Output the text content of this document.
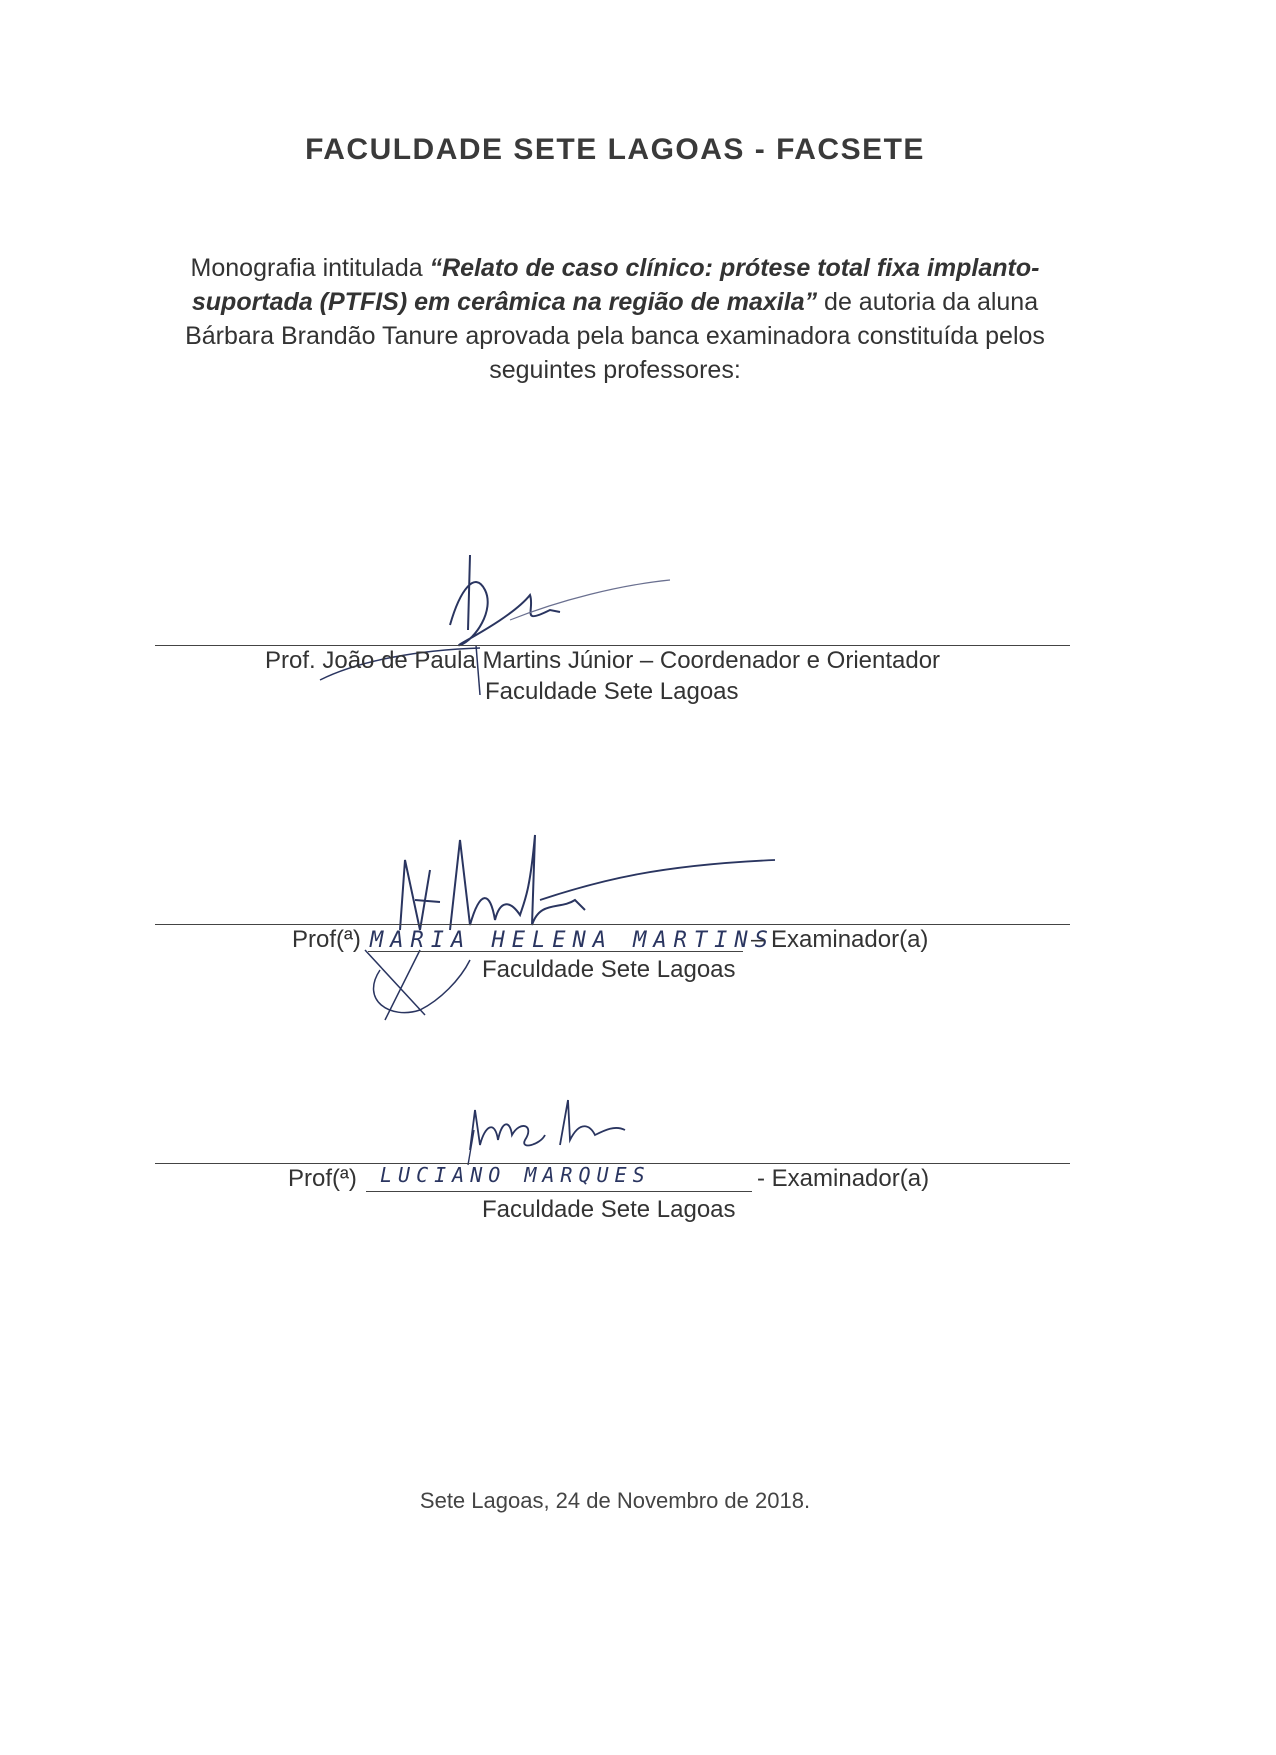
FACULDADE SETE LAGOAS - FACSETE
Monografia intitulada “Relato de caso clínico: prótese total fixa implanto-suportada (PTFIS) em cerâmica na região de maxila” de autoria da aluna Bárbara Brandão Tanure aprovada pela banca examinadora constituída pelos seguintes professores:
Prof. João de Paula Martins Júnior – Coordenador e Orientador
Faculdade Sete Lagoas
Prof(ª) MARIA HELENA MARTINS
– Examinador(a)
Faculdade Sete Lagoas
Prof(ª) LUCIANO MARQUES	- Examinador(a)
Faculdade Sete Lagoas
Sete Lagoas, 24 de Novembro de 2018.
